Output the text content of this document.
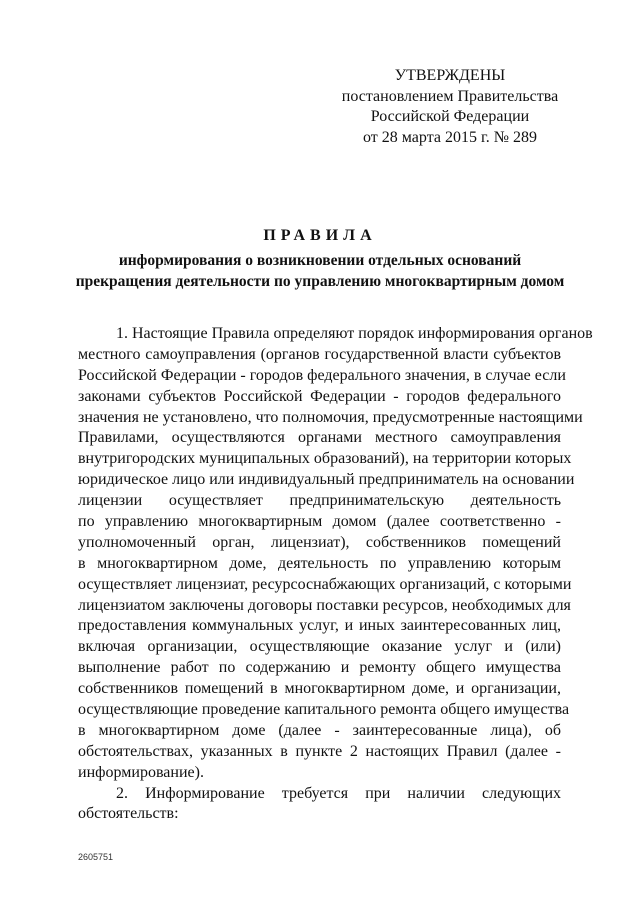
УТВЕРЖДЕНЫ
постановлением Правительства
Российской Федерации
от 28 марта 2015 г. № 289
ПРАВИЛА
информирования о возникновении отдельных оснований
прекращения деятельности по управлению многоквартирным домом
1. Настоящие Правила определяют порядок информирования органов
местного самоуправления (органов государственной власти субъектов
Российской Федерации - городов федерального значения, в случае если
законами субъектов Российской Федерации - городов федерального
значения не установлено, что полномочия, предусмотренные настоящими
Правилами, осуществляются органами местного самоуправления
внутригородских муниципальных образований), на территории которых
юридическое лицо или индивидуальный предприниматель на основании
лицензии осуществляет предпринимательскую деятельность
по управлению многоквартирным домом (далее соответственно -
уполномоченный орган, лицензиат), собственников помещений
в многоквартирном доме, деятельность по управлению которым
осуществляет лицензиат, ресурсоснабжающих организаций, с которыми
лицензиатом заключены договоры поставки ресурсов, необходимых для
предоставления коммунальных услуг, и иных заинтересованных лиц,
включая организации, осуществляющие оказание услуг и (или)
выполнение работ по содержанию и ремонту общего имущества
собственников помещений в многоквартирном доме, и организации,
осуществляющие проведение капитального ремонта общего имущества
в многоквартирном доме (далее - заинтересованные лица), об
обстоятельствах, указанных в пункте 2 настоящих Правил (далее -
информирование).
2. Информирование требуется при наличии следующих
обстоятельств:
2605751
